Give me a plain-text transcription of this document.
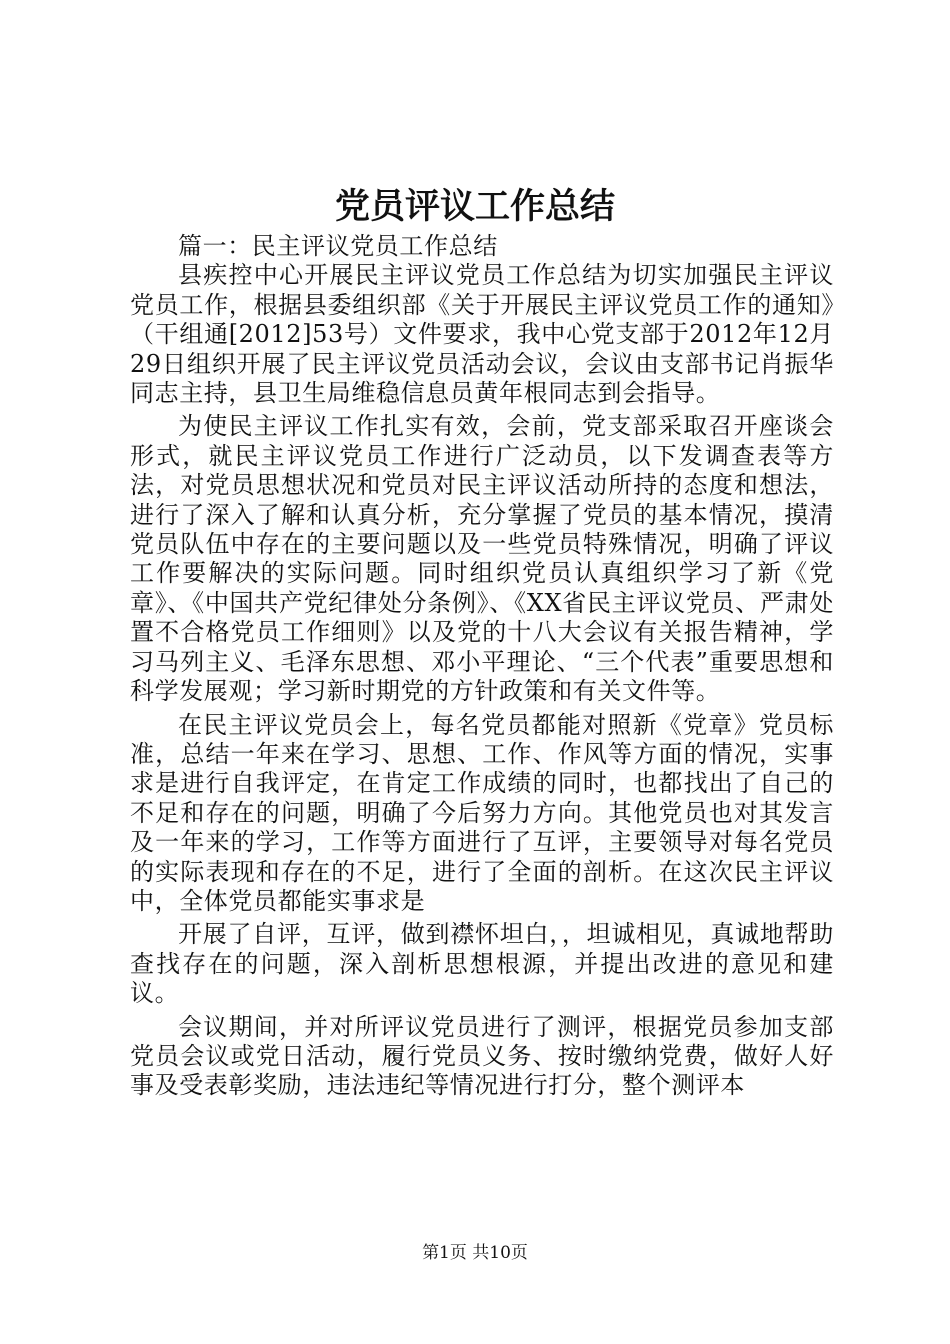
党员评议工作总结

篇一：民主评议党员工作总结

县疾控中心开展民主评议党员工作总结为切实加强民主评议党员工作，根据县委组织部《关于开展民主评议党员工作的通知》（干组通[2012]53号）文件要求，我中心党支部于2012年12月29日组织开展了民主评议党员活动会议，会议由支部书记肖振华同志主持，县卫生局维稳信息员黄年根同志到会指导。

为使民主评议工作扎实有效，会前，党支部采取召开座谈会形式，就民主评议党员工作进行广泛动员，以下发调查表等方法，对党员思想状况和党员对民主评议活动所持的态度和想法，进行了深入了解和认真分析，充分掌握了党员的基本情况，摸清党员队伍中存在的主要问题以及一些党员特殊情况，明确了评议工作要解决的实际问题。同时组织党员认真组织学习了新《党章》、《中国共产党纪律处分条例》、《XX省民主评议党员、严肃处置不合格党员工作细则》以及党的十八大会议有关报告精神，学习马列主义、毛泽东思想、邓小平理论、“三个代表”重要思想和科学发展观；学习新时期党的方针政策和有关文件等。

在民主评议党员会上，每名党员都能对照新《党章》党员标准，总结一年来在学习、思想、工作、作风等方面的情况，实事求是进行自我评定，在肯定工作成绩的同时，也都找出了自己的不足和存在的问题，明确了今后努力方向。其他党员也对其发言及一年来的学习，工作等方面进行了互评，主要领导对每名党员的实际表现和存在的不足，进行了全面的剖析。在这次民主评议中，全体党员都能实事求是

开展了自评，互评，做到襟怀坦白，，坦诚相见，真诚地帮助查找存在的问题，深入剖析思想根源，并提出改进的意见和建议。

会议期间，并对所评议党员进行了测评，根据党员参加支部党员会议或党日活动，履行党员义务、按时缴纳党费，做好人好事及受表彰奖励，违法违纪等情况进行打分，整个测评本

第1页 共10页
